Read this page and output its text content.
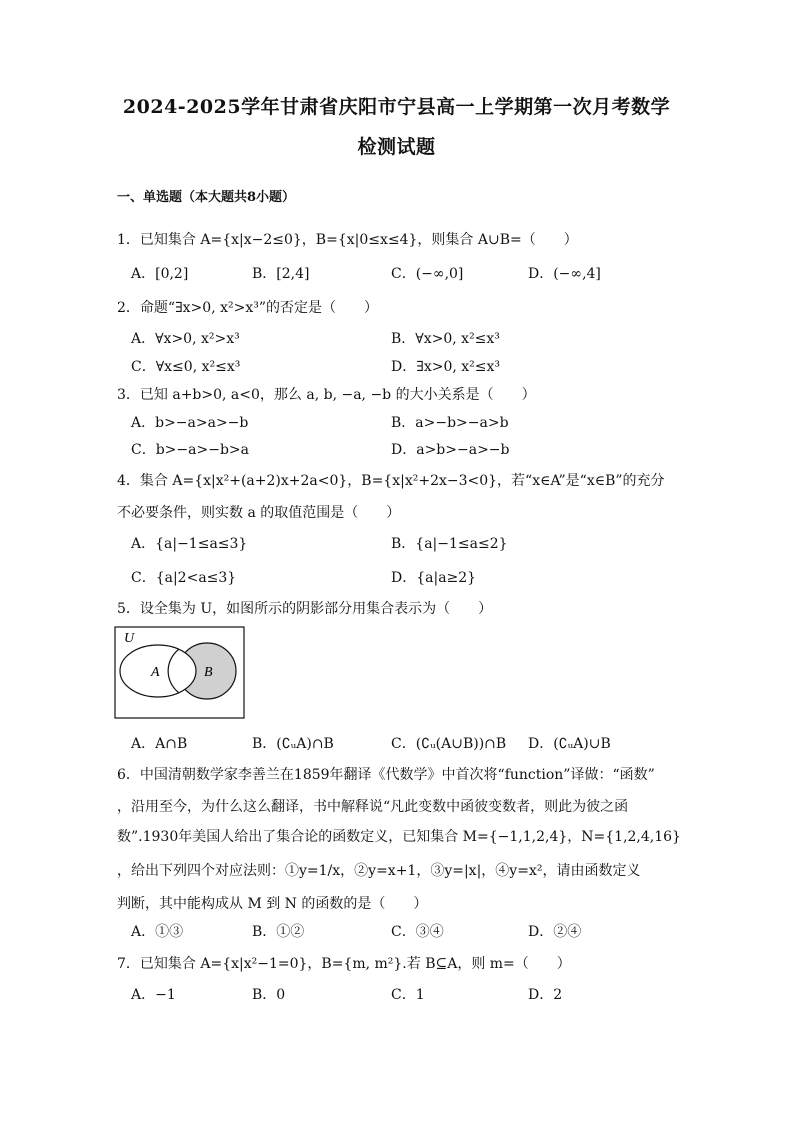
2024-2025学年甘肃省庆阳市宁县高一上学期第一次月考数学
检测试题
一、单选题（本大题共8小题）
1．已知集合 A={x|x−2≤0}，B={x|0≤x≤4}，则集合 A∪B=（　　）
A．[0,2]	B．[2,4]	C．(−∞,0]	D．(−∞,4]
2．命题“∃x>0, x²>x³”的否定是（　　）
A．∀x>0, x²>x³	B．∀x>0, x²≤x³
C．∀x≤0, x²≤x³	D．∃x>0, x²≤x³
3．已知 a+b>0, a<0，那么 a, b, −a, −b 的大小关系是（　　）
A．b>−a>a>−b	B．a>−b>−a>b
C．b>−a>−b>a	D．a>b>−a>−b
4．集合 A={x|x²+(a+2)x+2a<0}，B={x|x²+2x−3<0}，若“x∈A”是“x∈B”的充分
不必要条件，则实数 a 的取值范围是（　　）
A．{a|−1≤a≤3}	B．{a|−1≤a≤2}
C．{a|2<a≤3}	D．{a|a≥2}
5．设全集为 U，如图所示的阴影部分用集合表示为（　　）
U
A	B
A．A∩B	B．(∁ᵤA)∩B	C．(∁ᵤ(A∪B))∩B D．(∁ᵤA)∪B
6．中国清朝数学家李善兰在1859年翻译《代数学》中首次将“function”译做：“函数”
，沿用至今，为什么这么翻译，书中解释说“凡此变数中函彼变数者，则此为彼之函
数”.1930年美国人给出了集合论的函数定义，已知集合 M={−1,1,2,4}，N={1,2,4,16}
，给出下列四个对应法则：①y=1/x，②y=x+1，③y=|x|，④y=x²，请由函数定义
判断，其中能构成从 M 到 N 的函数的是（　　）
A．①③	B．①②	C．③④	D．②④
7．已知集合 A={x|x²−1=0}，B={m, m²}.若 B⊆A，则 m=（　　）
A．−1	B．0	C．1	D．2
